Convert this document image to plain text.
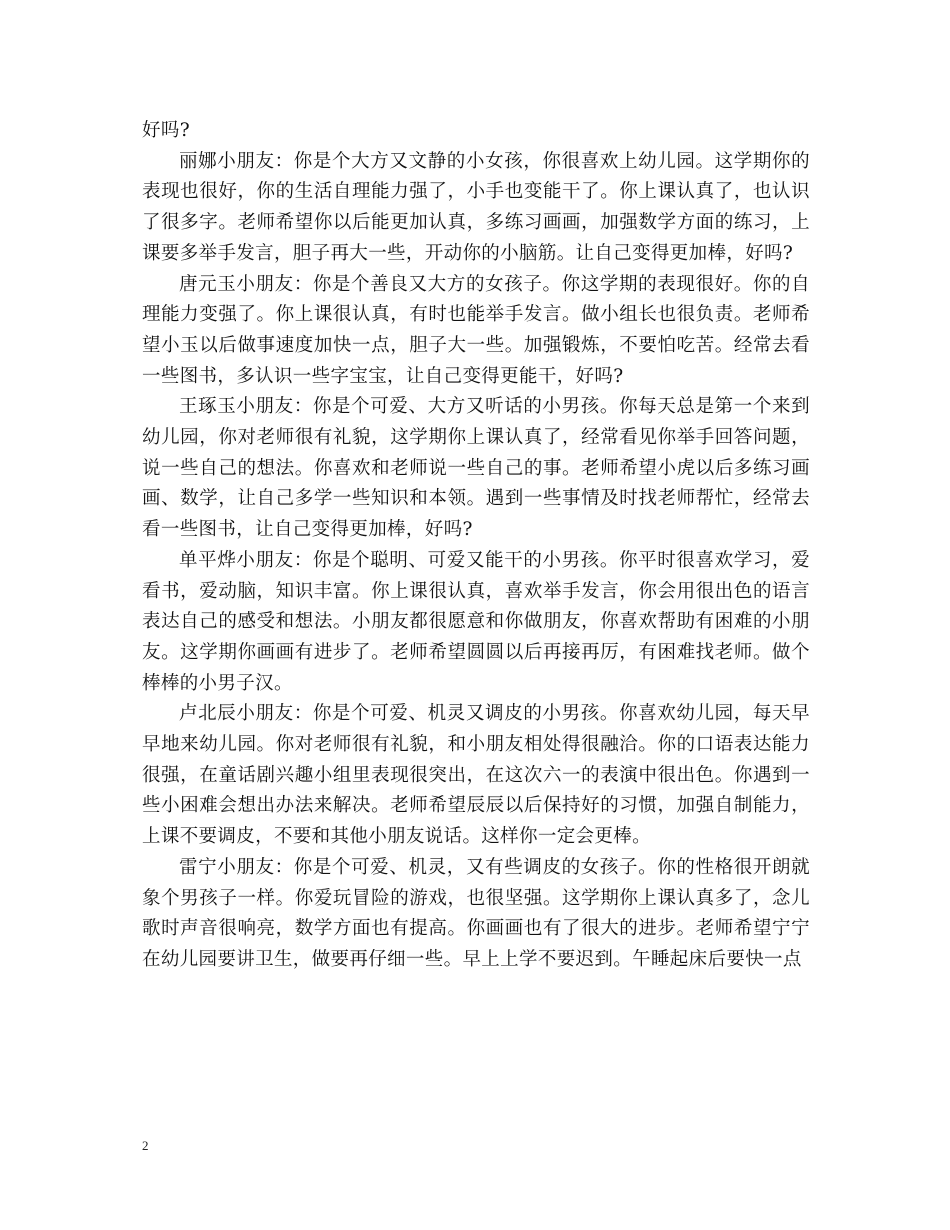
好吗?

丽娜小朋友：你是个大方又文静的小女孩，你很喜欢上幼儿园。这学期你的表现也很好，你的生活自理能力强了，小手也变能干了。你上课认真了，也认识了很多字。老师希望你以后能更加认真，多练习画画，加强数学方面的练习，上课要多举手发言，胆子再大一些，开动你的小脑筋。让自己变得更加棒，好吗?

唐元玉小朋友：你是个善良又大方的女孩子。你这学期的表现很好。你的自理能力变强了。你上课很认真，有时也能举手发言。做小组长也很负责。老师希望小玉以后做事速度加快一点，胆子大一些。加强锻炼，不要怕吃苦。经常去看一些图书，多认识一些字宝宝，让自己变得更能干，好吗?

王琢玉小朋友：你是个可爱、大方又听话的小男孩。你每天总是第一个来到幼儿园，你对老师很有礼貌，这学期你上课认真了，经常看见你举手回答问题，说一些自己的想法。你喜欢和老师说一些自己的事。老师希望小虎以后多练习画画、数学，让自己多学一些知识和本领。遇到一些事情及时找老师帮忙，经常去看一些图书，让自己变得更加棒，好吗?

单平烨小朋友：你是个聪明、可爱又能干的小男孩。你平时很喜欢学习，爱看书，爱动脑，知识丰富。你上课很认真，喜欢举手发言，你会用很出色的语言表达自己的感受和想法。小朋友都很愿意和你做朋友，你喜欢帮助有困难的小朋友。这学期你画画有进步了。老师希望圆圆以后再接再厉，有困难找老师。做个棒棒的小男子汉。

卢北辰小朋友：你是个可爱、机灵又调皮的小男孩。你喜欢幼儿园，每天早早地来幼儿园。你对老师很有礼貌，和小朋友相处得很融洽。你的口语表达能力很强，在童话剧兴趣小组里表现很突出，在这次六一的表演中很出色。你遇到一些小困难会想出办法来解决。老师希望辰辰以后保持好的习惯，加强自制能力，上课不要调皮，不要和其他小朋友说话。这样你一定会更棒。

雷宁小朋友：你是个可爱、机灵，又有些调皮的女孩子。你的性格很开朗就象个男孩子一样。你爱玩冒险的游戏，也很坚强。这学期你上课认真多了，念儿歌时声音很响亮，数学方面也有提高。你画画也有了很大的进步。老师希望宁宁在幼儿园要讲卫生，做要再仔细一些。早上上学不要迟到。午睡起床后要快一点

2
